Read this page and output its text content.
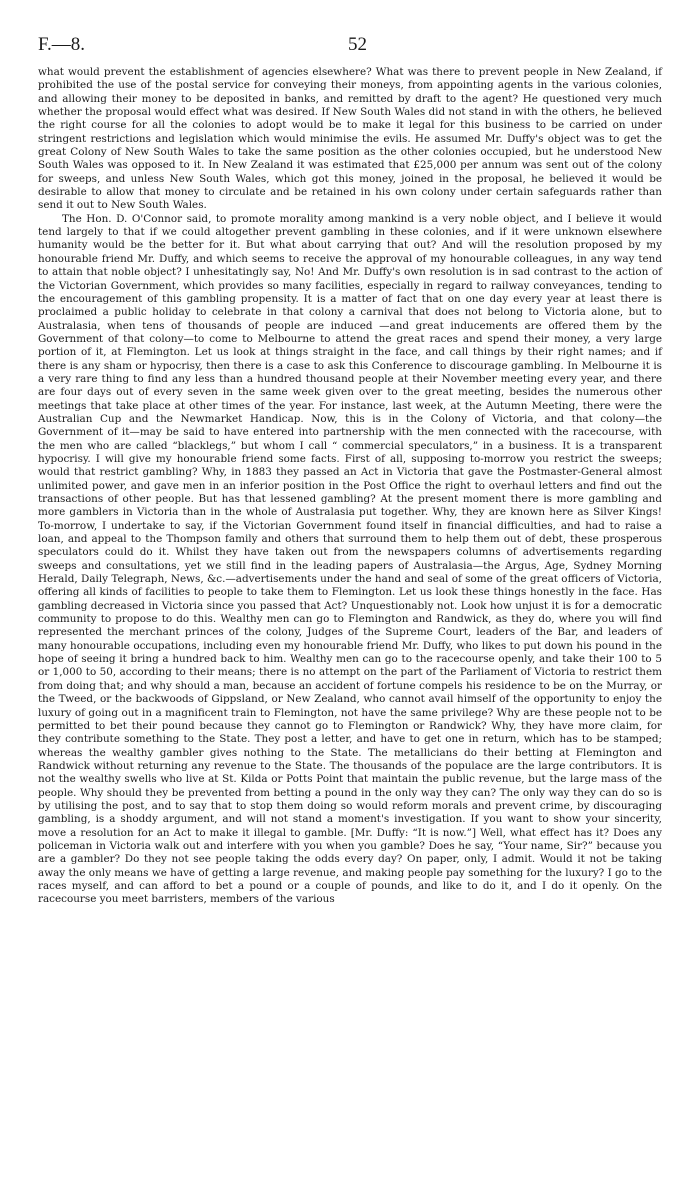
F.—8.	52

what would prevent the establishment of agencies elsewhere? What was there to prevent people in New Zealand, if prohibited the use of the postal service for conveying their moneys, from appointing agents in the various colonies, and allowing their money to be deposited in banks, and remitted by draft to the agent? He questioned very much whether the proposal would effect what was desired. If New South Wales did not stand in with the others, he believed the right course for all the colonies to adopt would be to make it legal for this business to be carried on under stringent restrictions and legislation which would minimise the evils. He assumed Mr. Duffy's object was to get the great Colony of New South Wales to take the same position as the other colonies occupied, but he understood New South Wales was opposed to it. In New Zealand it was estimated that £25,000 per annum was sent out of the colony for sweeps, and unless New South Wales, which got this money, joined in the proposal, he believed it would be desirable to allow that money to circulate and be retained in his own colony under certain safeguards rather than send it out to New South Wales.

The Hon. D. O'Connor said, to promote morality among mankind is a very noble object, and I believe it would tend largely to that if we could altogether prevent gambling in these colonies, and if it were unknown elsewhere humanity would be the better for it. But what about carrying that out? And will the resolution proposed by my honourable friend Mr. Duffy, and which seems to receive the approval of my honourable colleagues, in any way tend to attain that noble object? I unhesitatingly say, No! And Mr. Duffy's own resolution is in sad contrast to the action of the Victorian Government, which provides so many facilities, especially in regard to railway conveyances, tending to the encouragement of this gambling propensity. It is a matter of fact that on one day every year at least there is proclaimed a public holiday to celebrate in that colony a carnival that does not belong to Victoria alone, but to Australasia, when tens of thousands of people are induced —and great inducements are offered them by the Government of that colony—to come to Melbourne to attend the great races and spend their money, a very large portion of it, at Flemington. Let us look at things straight in the face, and call things by their right names; and if there is any sham or hypocrisy, then there is a case to ask this Conference to discourage gambling. In Melbourne it is a very rare thing to find any less than a hundred thousand people at their November meeting every year, and there are four days out of every seven in the same week given over to the great meeting, besides the numerous other meetings that take place at other times of the year. For instance, last week, at the Autumn Meeting, there were the Australian Cup and the Newmarket Handicap. Now, this is in the Colony of Victoria, and that colony—the Government of it—may be said to have entered into partnership with the men connected with the racecourse, with the men who are called “blacklegs,” but whom I call “ commercial speculators,” in a business. It is a transparent hypocrisy. I will give my honourable friend some facts. First of all, supposing to-morrow you restrict the sweeps; would that restrict gambling? Why, in 1883 they passed an Act in Victoria that gave the Postmaster-General almost unlimited power, and gave men in an inferior position in the Post Office the right to overhaul letters and find out the transactions of other people. But has that lessened gambling? At the present moment there is more gambling and more gamblers in Victoria than in the whole of Australasia put together. Why, they are known here as Silver Kings! To-morrow, I undertake to say, if the Victorian Government found itself in financial difficulties, and had to raise a loan, and appeal to the Thompson family and others that surround them to help them out of debt, these prosperous speculators could do it. Whilst they have taken out from the newspapers columns of advertisements regarding sweeps and consultations, yet we still find in the leading papers of Australasia—the Argus, Age, Sydney Morning Herald, Daily Telegraph, News, &c.—advertisements under the hand and seal of some of the great officers of Victoria, offering all kinds of facilities to people to take them to Flemington. Let us look these things honestly in the face. Has gambling decreased in Victoria since you passed that Act? Unquestionably not. Look how unjust it is for a democratic community to propose to do this. Wealthy men can go to Flemington and Randwick, as they do, where you will find represented the merchant princes of the colony, Judges of the Supreme Court, leaders of the Bar, and leaders of many honourable occupations, including even my honourable friend Mr. Duffy, who likes to put down his pound in the hope of seeing it bring a hundred back to him. Wealthy men can go to the racecourse openly, and take their 100 to 5 or 1,000 to 50, according to their means; there is no attempt on the part of the Parliament of Victoria to restrict them from doing that; and why should a man, because an accident of fortune compels his residence to be on the Murray, or the Tweed, or the backwoods of Gippsland, or New Zealand, who cannot avail himself of the opportunity to enjoy the luxury of going out in a magnificent train to Flemington, not have the same privilege? Why are these people not to be permitted to bet their pound because they cannot go to Flemington or Randwick? Why, they have more claim, for they contribute something to the State. They post a letter, and have to get one in return, which has to be stamped; whereas the wealthy gambler gives nothing to the State. The metallicians do their betting at Flemington and Randwick without returning any revenue to the State. The thousands of the populace are the large contributors. It is not the wealthy swells who live at St. Kilda or Potts Point that maintain the public revenue, but the large mass of the people. Why should they be prevented from betting a pound in the only way they can? The only way they can do so is by utilising the post, and to say that to stop them doing so would reform morals and prevent crime, by discouraging gambling, is a shoddy argument, and will not stand a moment's investigation. If you want to show your sincerity, move a resolution for an Act to make it illegal to gamble. [Mr. Duffy: “It is now.”] Well, what effect has it? Does any policeman in Victoria walk out and interfere with you when you gamble? Does he say, “Your name, Sir?” because you are a gambler? Do they not see people taking the odds every day? On paper, only, I admit. Would it not be taking away the only means we have of getting a large revenue, and making people pay something for the luxury? I go to the races myself, and can afford to bet a pound or a couple of pounds, and like to do it, and I do it openly. On the racecourse you meet barristers, members of the various
